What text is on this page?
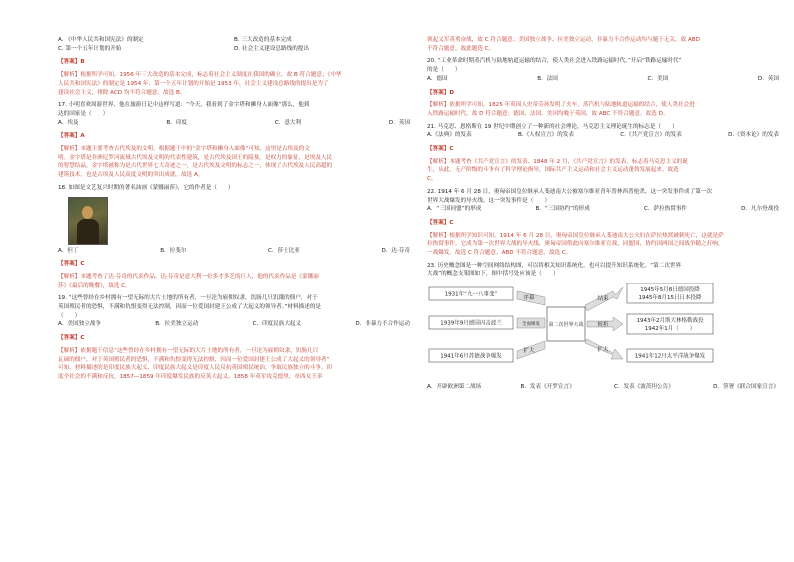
A. 《中华人民共和国宪法》的制定	B. 三大改造的基本完成
C. 第一个五年计划的开始	D. 社会主义建设总路线的提出
【答案】B
【解析】根据所学可知，1956 年三大改造的基本完成，标志着社会主义制度在我国的确立，故 B 符合题意；《中华
人民共和国宪法》的制定是 1954 年，第一个五年计划的开始是 1953 年，社会主义建设总路线的提出是为了
建设社会主义，排除 ACD 均不符合题意，故选 B。
17. 小明喜欢周游世界，他在旅游日记中这样写道：“今天，我看到了金字塔和狮身人面像”那么，他到
达的国家是（　　）
A．埃及	B．印度	C．意大利	D．英国
【答案】A
【解析】本题主要考查古代埃及的文明。根据题干中的“金字塔和狮身人面像”可知，这里是古埃及的文
明。金字塔是非洲尼罗河流域古代埃及文明的代表性建筑，是古代埃及国王的陵墓。是权力的象征，是埃及人民
的智慧结晶，金字塔被称为是古代世界七大奇迹之一，是古代埃及文明的标志之一，体现了古代埃及人民高超的
建筑技术，也是古埃及人民高度文明的突出成就。故选 A。
18. 如图是文艺复兴时期的著名油画《蒙娜丽莎》，它的作者是（　　）
A．但丁	B．拉斐尔	C．莎士比亚	D．达·芬奇
【答案】C
【解析】本题考查了达·芬奇的代表作品。达·芬奇是意大利一位多才多艺的巨人，他的代表作品是《蒙娜丽
莎》《最后的晚餐》，故选 C。
19. “这些曾经在乡村拥有一望无际的大片土地的所有者，一旦沦为雇佣奴隶，饥肠几只饥饿的佃户，对于
英国殖民者的恐惧，不满和仇恨变得无法控制，因而一位爱国封建王公成了大起义的领导者。”材料描述的是
（　　）
A．美国独立战争	B．拉美独立运动	C．印度民族大起义	D．非暴力不合作运动
【答案】C
【解析】依据题干信息“这些曾经在乡村拥有一望无际的大片土地的所有者，一旦沦为雇佣奴隶，饥肠几只
瓦硕的佃户，对于英国殖民者的恐惧，不满和仇恨变得无法控制，因而一位爱国封建王公成了大起义的领导者”
可知，材料描述的是印度民族大起义，印度民族大起义是印度人民反抗英国殖民统治，争取民族独立的斗争。印
度全社会的不满和反抗。1857—1859 年印度爆发民族的反英大起义。1858 年英军攻克德里，章西女王率
领起义军英勇奋战，故 C 符合题意；美国独立战争、拉美独立运动，非暴力不合作运动均与题干无关，故 ABD
不符合题意。故此题选 C。
20. “工业革命时期蒸汽机与陆地轨道运输的结合，使人类社会进入铁路运输时代。”开启“铁路运输时代”
的是（　　）
A．德国	B．法国	C．美国	D．英国
【答案】D
【解析】依据所学可知，1825 年英国人史蒂芬孙发明了火车，蒸汽机与陆地轨道运输的结合，使人类社会进
入铁路运输时代，故 D 符合题意；德国、法国、美国均晚于英国，故 ABC 不符合题意。故选 D。
21. 马克思、恩格斯在 19 世纪中期创立了一种新的社会理论，马克思主义理论诞生的标志是（　　）
A.《法典》的发表	B.《人权宣言》的发表	C.《共产党宣言》的发表	D.《资本论》的发表
【答案】C
【解析】本题考查《共产党宣言》的发表。1848 年 2 月，《共产党宣言》的发表，标志着马克思主义的诞
生，从此，无产阶级的斗争有了科学理论指导，国际共产主义运动和社会主义运动蓬勃发展起来。故选
C。
22. 1914 年 6 月 28 日，奥匈帝国皇位继承人斐迪南大公被塞尔维亚青年普林西普枪杀，这一突发事件成了第一次
世界大战爆发的导火线。这一突发事件是（　　）
A．“三国同盟”的形成	B．“三国协约”的形成	C．萨拉热窝事件	D．凡尔登战役
【答案】C
【解析】根据所学知识可知，1914 年 6 月 28 日，奥匈帝国皇位继承人斐迪南大公夫妇在萨拉热窝被刺死亡，这就是萨
拉热窝事件。它成为第一次世界大战的导火线，奥匈帝国借此向塞尔维亚宣战，同盟国，协约国两国之间战争随之打响，
一战爆发。故选 C 符合题意。ABD 不符合题意，故选 C。
23. 历史概念图是一种空间网络结构图，可以将相关知识系统化，也可以提升知识系统化。“第二次世界
大战”的概念支架图如下，图中括号处应该是（　　）
1931年“九一八事变”
1939年9月德国闪击波兰
1941年6月苏德战争爆发
序幕
全面爆发
扩大
第二次世界大战	转折
结束
扩大
1945年5月8日德国投降
1945年8月15日日本投降
1943年2月斯大林格勒战役
1942年1月（　　）
1941年12月太平洋战争爆发
A．开辟欧洲第二战场	B．发表《开罗宣言》	C．发表《波茨坦公告》	D．签署《联合国家宣言》
